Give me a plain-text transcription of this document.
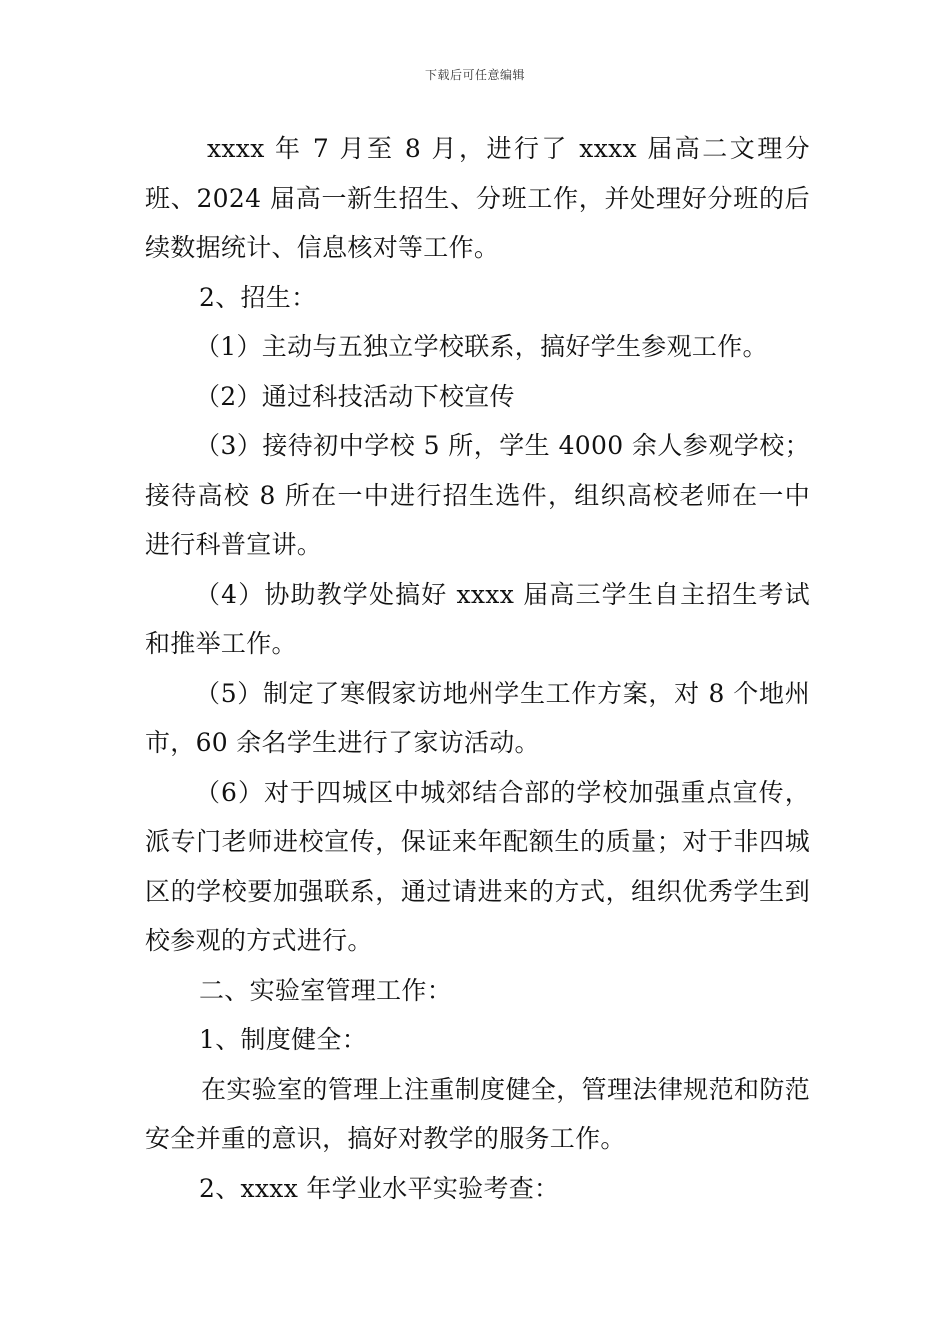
下载后可任意编辑

xxxx 年 7 月至 8 月，进行了 xxxx 届高二文理分班、2024 届高一新生招生、分班工作，并处理好分班的后续数据统计、信息核对等工作。

2、招生：

（1）主动与五独立学校联系，搞好学生参观工作。

（2）通过科技活动下校宣传

（3）接待初中学校 5 所，学生 4000 余人参观学校；接待高校 8 所在一中进行招生选件，组织高校老师在一中进行科普宣讲。

（4）协助教学处搞好 xxxx 届高三学生自主招生考试和推举工作。

（5）制定了寒假家访地州学生工作方案，对 8 个地州市，60 余名学生进行了家访活动。

（6）对于四城区中城郊结合部的学校加强重点宣传，派专门老师进校宣传，保证来年配额生的质量；对于非四城区的学校要加强联系，通过请进来的方式，组织优秀学生到校参观的方式进行。

二、实验室管理工作：

1、制度健全：

在实验室的管理上注重制度健全，管理法律规范和防范安全并重的意识，搞好对教学的服务工作。

2、xxxx 年学业水平实验考查：
